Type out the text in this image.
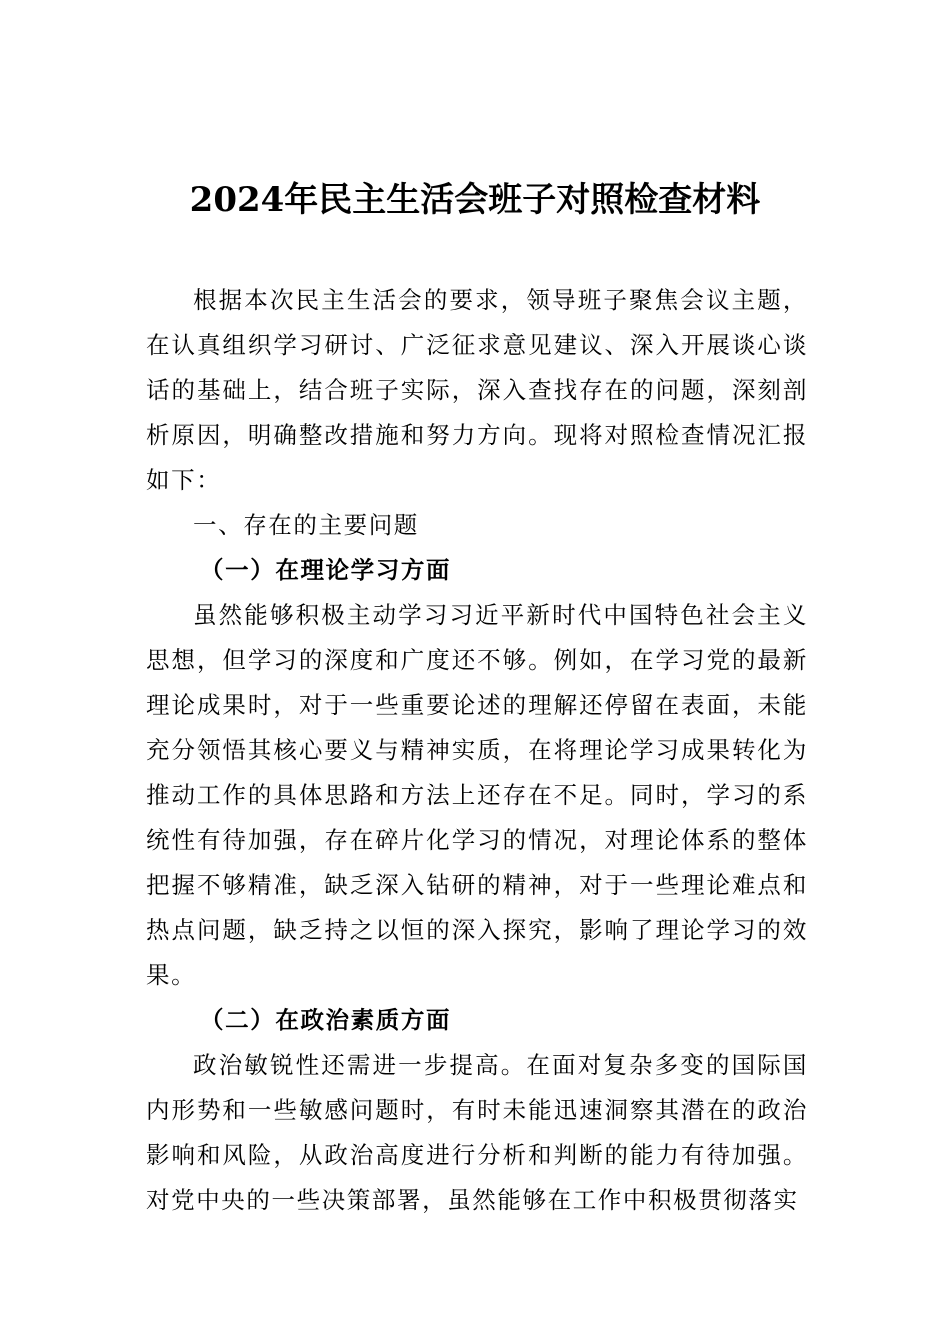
2024年民主生活会班子对照检查材料

根据本次民主生活会的要求，领导班子聚焦会议主题，在认真组织学习研讨、广泛征求意见建议、深入开展谈心谈话的基础上，结合班子实际，深入查找存在的问题，深刻剖析原因，明确整改措施和努力方向。现将对照检查情况汇报如下：

一、存在的主要问题

（一）在理论学习方面

虽然能够积极主动学习习近平新时代中国特色社会主义思想，但学习的深度和广度还不够。例如，在学习党的最新理论成果时，对于一些重要论述的理解还停留在表面，未能充分领悟其核心要义与精神实质，在将理论学习成果转化为推动工作的具体思路和方法上还存在不足。同时，学习的系统性有待加强，存在碎片化学习的情况，对理论体系的整体把握不够精准，缺乏深入钻研的精神，对于一些理论难点和热点问题，缺乏持之以恒的深入探究，影响了理论学习的效果。

（二）在政治素质方面

政治敏锐性还需进一步提高。在面对复杂多变的国际国内形势和一些敏感问题时，有时未能迅速洞察其潜在的政治影响和风险，从政治高度进行分析和判断的能力有待加强。对党中央的一些决策部署，虽然能够在工作中积极贯彻落实
